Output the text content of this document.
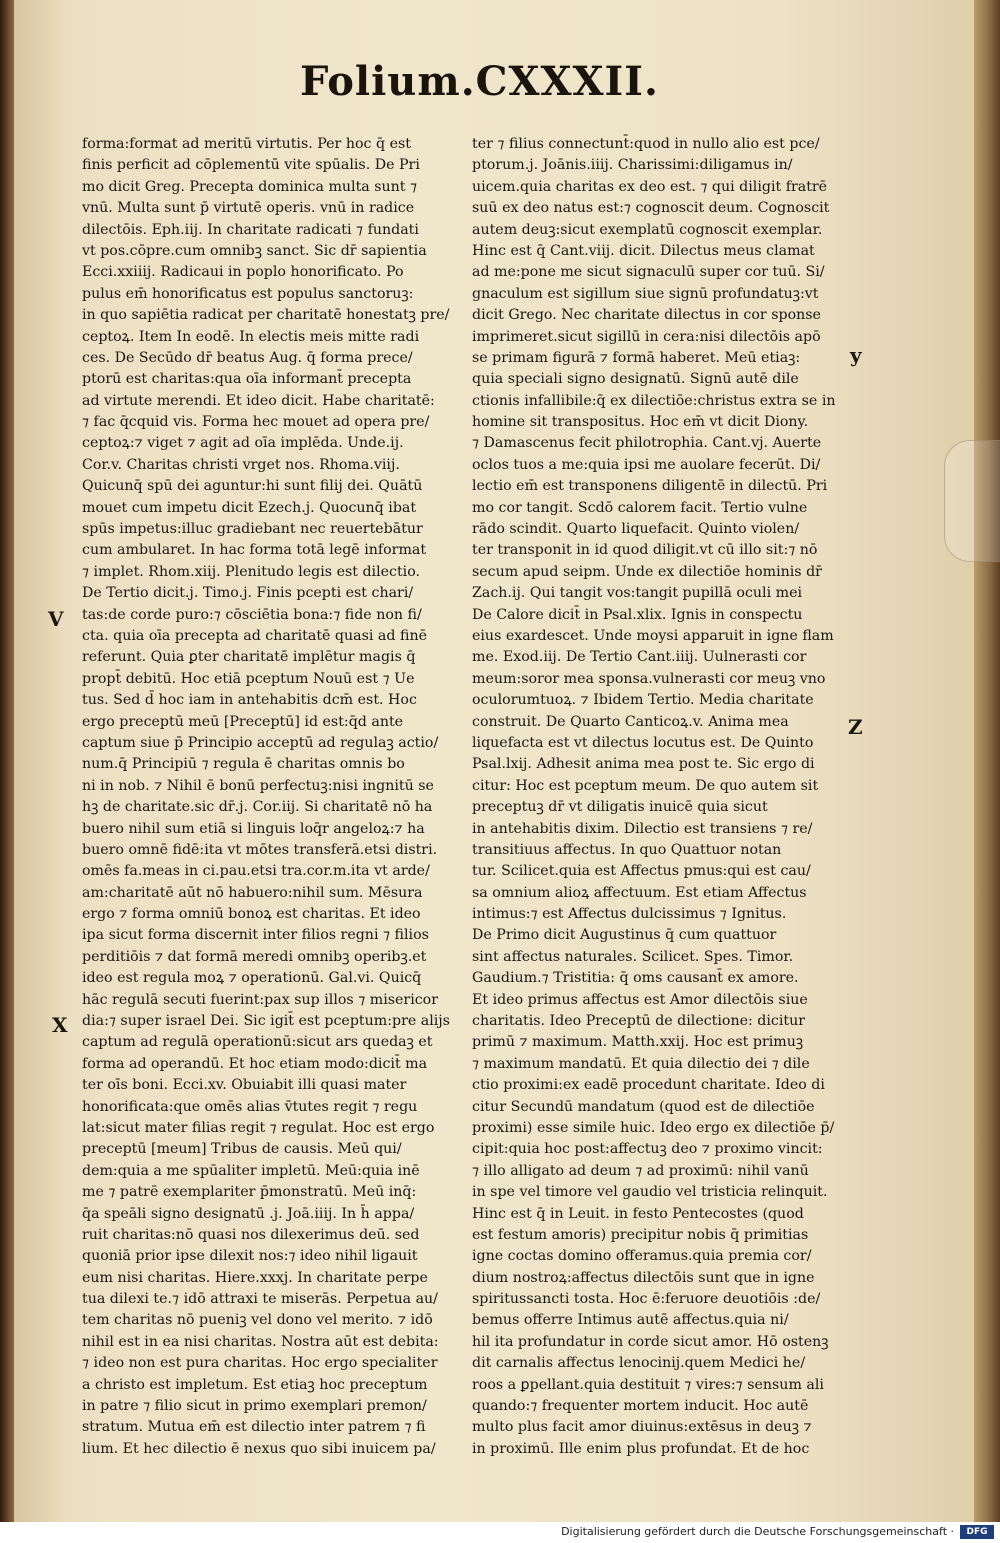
Folium.CXXXII.
forma:format ad meritū virtutis. Per hoc q̄ est
finis perficit ad cōplementū vite spūalis. De Pri
mo dicit Greg. Precepta dominica multa sunt ⁊
vnū. Multa sunt p̄ virtutē operis. vnū in radice
dilectōis. Eph.iij. In charitate radicati ⁊ fundati
vt pos.cōpre.cum omnibꝫ sanct. Sic dr̄ sapientia
Ecci.xxiiij. Radicaui in poplo honorificato. Po
pulus em̄ honorificatus est populus sanctoruꝫ:
in quo sapiētia radicat per charitatē honestatꝫ pre/
ceptoꝝ. Item In eodē. In electis meis mitte radi
ces. De Secūdo dr̄ beatus Aug. q̄ forma prece/
ptorū est charitas:qua oīa informant̄ precepta
ad virtute merendi. Et ideo dicit. Habe charitatē:
⁊ fac q̄cquid vis. Forma hec mouet ad opera pre/
ceptoꝝ:⁊ viget ⁊ agit ad oīa implēda. Unde.ij.
Cor.v. Charitas christi vrget nos. Rhoma.viij.
Quicunq̄ spū dei aguntur:hi sunt filij dei. Quātū
mouet cum impetu dicit Ezech.j. Quocunq̄ ibat
spūs impetus:illuc gradiebant nec reuertebātur
cum ambularet. In hac forma totā legē informat
⁊ implet. Rhom.xiij. Plenitudo legis est dilectio.
De Tertio dicit.j. Timo.j. Finis pcepti est chari/
tas:de corde puro:⁊ cōsciētia bona:⁊ fide non fi/
cta. quia oīa precepta ad charitatē quasi ad finē
referunt. Quia ꝑter charitatē implētur magis q̄
propt̄ debitū. Hoc etiā pceptum Nouū est ⁊ Ue
tus. Sed d̄ hoc iam in antehabitis dcm̄ est. Hoc
ergo preceptū meū [Preceptū] id est:q̄d ante
captum siue p̄ Principio acceptū ad regulaꝫ actio/
num.q̄ Principiū ⁊ regula ē charitas omnis bo
ni in nob. ⁊ Nihil ē bonū perfectuꝫ:nisi ingnitū se
hꝫ de charitate.sic dr̄.j. Cor.iij. Si charitatē nō ha
buero nihil sum etiā si linguis loq̄r angeloꝝ:⁊ ha
buero omnē fidē:ita vt mōtes transferā.etsi distri.
omēs fa.meas in ci.pau.etsi tra.cor.m.ita vt arde/
am:charitatē aūt nō habuero:nihil sum. Mēsura
ergo ⁊ forma omniū bonoꝝ est charitas. Et ideo
ipa sicut forma discernit inter filios regni ⁊ filios
perditiōis ⁊ dat formā meredi omnibꝫ operibꝫ.et
ideo est regula moꝝ ⁊ operationū. Gal.vi. Quicq̄
hāc regulā secuti fuerint:pax sup illos ⁊ misericor
dia:⁊ super israel Dei. Sic igit̄ est pceptum:pre alijs
captum ad regulā operationū:sicut ars quedaꝫ et
forma ad operandū. Et hoc etiam modo:dicit̄ ma
ter oīs boni. Ecci.xv. Obuiabit illi quasi mater
honorificata:que omēs alias v̄tutes regit ⁊ regu
lat:sicut mater filias regit ⁊ regulat. Hoc est ergo
preceptū [meum] Tribus de causis. Meū qui/
dem:quia a me spūaliter impletū. Meū:quia inē
me ⁊ patrē exemplariter p̄monstratū. Meū inq̄:
q̄a speāli signo designatū .j. Joā.iiij. In h̄ appa/
ruit charitas:nō quasi nos dilexerimus deū. sed
quoniā prior ipse dilexit nos:⁊ ideo nihil ligauit
eum nisi charitas. Hiere.xxxj. In charitate perpe
tua dilexi te.⁊ idō attraxi te miserās. Perpetua au/
tem charitas nō pueniꝫ vel dono vel merito. ⁊ idō
nihil est in ea nisi charitas. Nostra aūt est debita:
⁊ ideo non est pura charitas. Hoc ergo specialiter
a christo est impletum. Est etiaꝫ hoc preceptum
in patre ⁊ filio sicut in primo exemplari premon/
stratum. Mutua em̄ est dilectio inter patrem ⁊ fi
lium. Et hec dilectio ē nexus quo sibi inuicem pa/
ter ⁊ filius connectunt̄:quod in nullo alio est pce/
ptorum.j. Joānis.iiij. Charissimi:diligamus in/
uicem.quia charitas ex deo est. ⁊ qui diligit fratrē
suū ex deo natus est:⁊ cognoscit deum. Cognoscit
autem deuꝫ:sicut exemplatū cognoscit exemplar.
Hinc est q̄ Cant.viij. dicit. Dilectus meus clamat
ad me:pone me sicut signaculū super cor tuū. Si/
gnaculum est sigillum siue signū profundatuꝫ:vt
dicit Grego. Nec charitate dilectus in cor sponse
imprimeret.sicut sigillū in cera:nisi dilectōis apō
se primam figurā ⁊ formā haberet. Meū etiaꝫ:
quia speciali signo designatū. Signū autē dile
ctionis infallibile:q̄ ex dilectiōe:christus extra se in
homine sit transpositus. Hoc em̄ vt dicit Diony.
⁊ Damascenus fecit philotrophia. Cant.vj. Auerte
oclos tuos a me:quia ipsi me auolare fecerūt. Di/
lectio em̄ est transponens diligentē in dilectū. Pri
mo cor tangit. Scdō calorem facit. Tertio vulne
rādo scindit. Quarto liquefacit. Quinto violen/
ter transponit in id quod diligit.vt cū illo sit:⁊ nō
secum apud seipm. Unde ex dilectiōe hominis dr̄
Zach.ij. Qui tangit vos:tangit pupillā oculi mei
De Calore dicit̄ in Psal.xlix. Ignis in conspectu
eius exardescet. Unde moysi apparuit in igne flam
me. Exod.iij. De Tertio Cant.iiij. Uulnerasti cor
meum:soror mea sponsa.vulnerasti cor meuꝫ vno
oculorumtuoꝝ. ⁊ Ibidem Tertio. Media charitate
construit. De Quarto Canticoꝝ.v. Anima mea
liquefacta est vt dilectus locutus est. De Quinto
Psal.lxij. Adhesit anima mea post te. Sic ergo di
citur: Hoc est pceptum meum. De quo autem sit
preceptuꝫ dr̄ vt diligatis inuicē quia sicut
in antehabitis dixim. Dilectio est transiens ⁊ re/
transitiuus affectus. In quo Quattuor notan
tur. Scilicet.quia est Affectus pmus:qui est cau/
sa omnium alioꝝ affectuum. Est etiam Affectus
intimus:⁊ est Affectus dulcissimus ⁊ Ignitus.
De Primo dicit Augustinus q̄ cum quattuor
sint affectus naturales. Scilicet. Spes. Timor.
Gaudium.⁊ Tristitia: q̄ oms causant̄ ex amore.
Et ideo primus affectus est Amor dilectōis siue
charitatis. Ideo Preceptū de dilectione: dicitur
primū ⁊ maximum. Matth.xxij. Hoc est primuꝫ
⁊ maximum mandatū. Et quia dilectio dei ⁊ dile
ctio proximi:ex eadē procedunt charitate. Ideo di
citur Secundū mandatum (quod est de dilectiōe
proximi) esse simile huic. Ideo ergo ex dilectiōe p̄/
cipit:quia hoc post:affectuꝫ deo ⁊ proximo vincit:
⁊ illo alligato ad deum ⁊ ad proximū: nihil vanū
in spe vel timore vel gaudio vel tristicia relinquit.
Hinc est q̄ in Leuit. in festo Pentecostes (quod
est festum amoris) precipitur nobis q̄ primitias
igne coctas domino offeramus.quia premia cor/
dium nostroꝝ:affectus dilectōis sunt que in igne
spiritussancti tosta. Hoc ē:feruore deuotiōis :de/
bemus offerre Intimus autē affectus.quia ni/
hil ita profundatur in corde sicut amor. Hō ostenꝫ
dit carnalis affectus lenocinij.quem Medici he/
roos a ꝑpellant.quia destituit ⁊ vires:⁊ sensum ali
quando:⁊ frequenter mortem inducit. Hoc autē
multo plus facit amor diuinus:extēsus in deuꝫ ⁊
in proximū. Ille enim plus profundat. Et de hoc
V
X
y
Z
Digitalisierung gefördert durch die Deutsche Forschungsgemeinschaft ·	DFG
